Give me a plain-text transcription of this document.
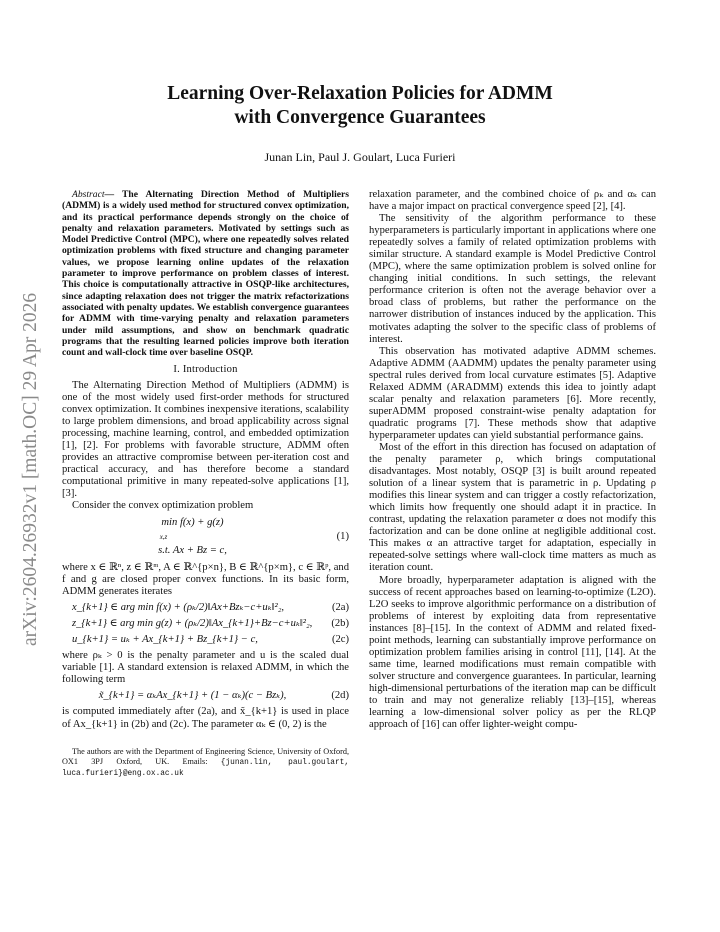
arXiv:2604.26932v1 [math.OC] 29 Apr 2026
Learning Over-Relaxation Policies for ADMM
with Convergence Guarantees
Junan Lin, Paul J. Goulart, Luca Furieri
Abstract— The Alternating Direction Method of Multipliers (ADMM) is a widely used method for structured convex optimization, and its practical performance depends strongly on the choice of penalty and relaxation parameters. Motivated by settings such as Model Predictive Control (MPC), where one repeatedly solves related optimization problems with fixed structure and changing parameter values, we propose learning online updates of the relaxation parameter to improve performance on problem classes of interest. This choice is computationally attractive in OSQP-like architectures, since adapting relaxation does not trigger the matrix refactorizations associated with penalty updates. We establish convergence guarantees for ADMM with time-varying penalty and relaxation parameters under mild assumptions, and show on benchmark quadratic programs that the resulting learned policies improve both iteration count and wall-clock time over baseline OSQP.
I. Introduction

The Alternating Direction Method of Multipliers (ADMM) is one of the most widely used first-order methods for structured convex optimization. It combines inexpensive iterations, scalability to large problem dimensions, and broad applicability across signal processing, machine learning, control, and embedded optimization [1], [2]. For problems with favorable structure, ADMM often provides an attractive compromise between per-iteration cost and practical accuracy, and has therefore become a standard computational primitive in many repeated-solve applications [1], [3].

Consider the convex optimization problem

min f(x) + g(z)
x,z
s.t. Ax + Bz = c,
(1)

where x ∈ ℝⁿ, z ∈ ℝᵐ, A ∈ ℝ^{p×n}, B ∈ ℝ^{p×m}, c ∈ ℝᵖ, and f and g are closed proper convex functions. In its basic form, ADMM generates iterates

x_{k+1} ∈ arg min f(x) + (ρₖ/2)‖Ax+Bzₖ−c+uₖ‖²₂,	(2a)
z_{k+1} ∈ arg min g(z) + (ρₖ/2)‖Ax_{k+1}+Bz−c+uₖ‖²₂,	(2b)
u_{k+1} = uₖ + Ax_{k+1} + Bz_{k+1} − c,	(2c)

where ρₖ > 0 is the penalty parameter and u is the scaled dual variable [1]. A standard extension is relaxed ADMM, in which the following term

x̃_{k+1} = αₖAx_{k+1} + (1 − αₖ)(c − Bzₖ),	(2d)

is computed immediately after (2a), and x̃_{k+1} is used in place of Ax_{k+1} in (2b) and (2c). The parameter αₖ ∈ (0, 2) is the

The authors are with the Department of Engineering Science, University of Oxford, OX1 3PJ Oxford, UK. Emails: {junan.lin, paul.goulart, luca.furieri}@eng.ox.ac.uk

relaxation parameter, and the combined choice of ρₖ and αₖ can have a major impact on practical convergence speed [2], [4].

The sensitivity of the algorithm performance to these hyperparameters is particularly important in applications where one repeatedly solves a family of related optimization problems with similar structure. A standard example is Model Predictive Control (MPC), where the same optimization problem is solved online for changing initial conditions. In such settings, the relevant performance criterion is often not the average behavior over a broad class of problems, but rather the performance on the narrower distribution of instances induced by the application. This motivates adapting the solver to the specific class of problems of interest.

This observation has motivated adaptive ADMM schemes. Adaptive ADMM (AADMM) updates the penalty parameter using spectral rules derived from local curvature estimates [5]. Adaptive Relaxed ADMM (ARADMM) extends this idea to jointly adapt scalar penalty and relaxation parameters [6]. More recently, superADMM proposed constraint-wise penalty adaptation for quadratic programs [7]. These methods show that adaptive hyperparameter updates can yield substantial performance gains.

Most of the effort in this direction has focused on adaptation of the penalty parameter ρ, which brings computational disadvantages. Most notably, OSQP [3] is built around repeated solution of a linear system that is parametric in ρ. Updating ρ modifies this linear system and can trigger a costly refactorization, which limits how frequently one should adapt it in practice. In contrast, updating the relaxation parameter α does not modify this factorization and can be done online at negligible additional cost. This makes α an attractive target for adaptation, especially in repeated-solve settings where wall-clock time matters as much as iteration count.

More broadly, hyperparameter adaptation is aligned with the success of recent approaches based on learning-to-optimize (L2O). L2O seeks to improve algorithmic performance on a distribution of problems of interest by exploiting data from representative instances [8]–[15]. In the context of ADMM and related fixed-point methods, learning can substantially improve performance on optimization problem families arising in control [11], [14]. At the same time, learned modifications must remain compatible with solver structure and convergence guarantees. In particular, learning high-dimensional perturbations of the iteration map can be difficult to train and may not generalize reliably [13]–[15], whereas learning a low-dimensional solver policy as per the RLQP approach of [16] can offer lighter-weight compu-
